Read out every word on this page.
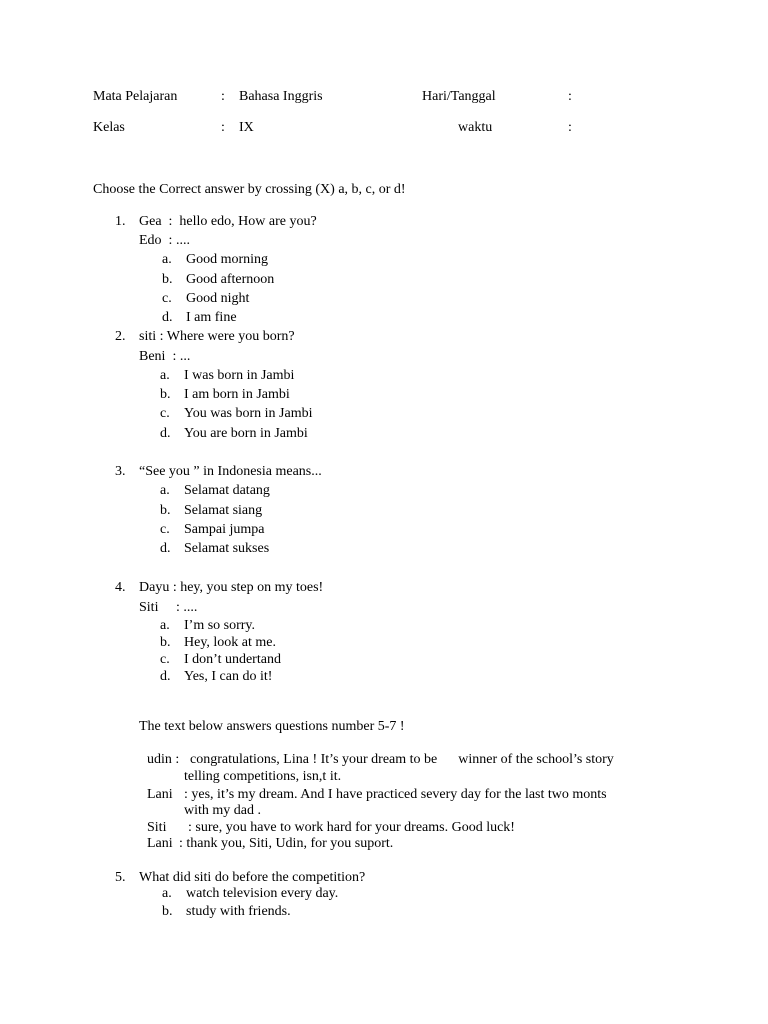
Mata Pelajaran	: Bahasa Inggris	Hari/Tanggal	:
Kelas	: IX	waktu	:
Choose the Correct answer by crossing (X) a, b, c, or d!
1. Gea  :  hello edo, How are you?
Edo  : ....
a. Good morning
b. Good afternoon
c. Good night
d. I am fine
2. siti : Where were you born?
Beni  : ...
a. I was born in Jambi
b. I am born in Jambi
c. You was born in Jambi
d. You are born in Jambi
3. “See you ” in Indonesia means...
a. Selamat datang
b. Selamat siang
c. Sampai jumpa
d. Selamat sukses
4. Dayu : hey, you step on my toes!
Siti     : ....
a. I’m so sorry.
b. Hey, look at me.
c. I don’t undertand
d. Yes, I can do it!
The text below answers questions number 5-7 !
udin : congratulations, Lina ! It’s your dream to be      winner of the school’s story
telling competitions, isn,t it.
Lani : yes, it’s my dream. And I have practiced severy day for the last two monts
with my dad .
Siti : sure, you have to work hard for your dreams. Good luck!
Lani : thank you, Siti, Udin, for you suport.
5. What did siti do before the competition?
a. watch television every day.
b. study with friends.
